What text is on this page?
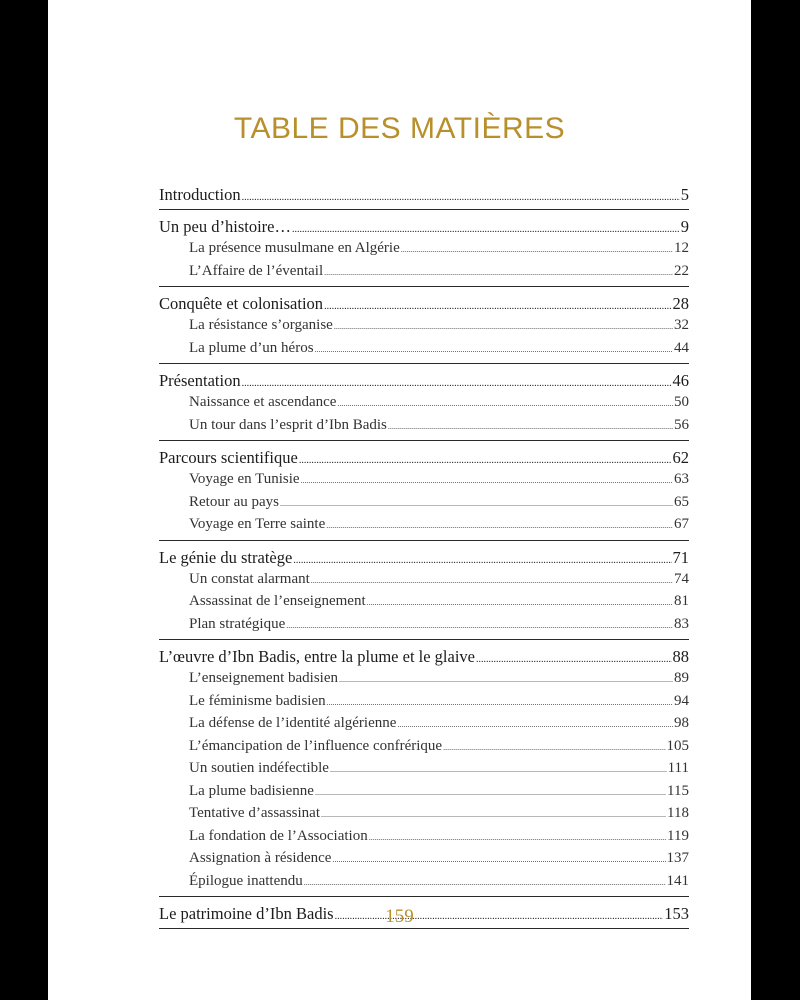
TABLE DES MATIÈRES
Introduction .....	5
Un peu d’histoire… .....	9
La présence musulmane en Algérie .....	12
L’Affaire de l’éventail .....	22
Conquête et colonisation .....	28
La résistance s’organise .....	32
La plume d’un héros .....	44
Présentation .....	46
Naissance et ascendance .....	50
Un tour dans l’esprit d’Ibn Badis .....	56
Parcours scientifique .....	62
Voyage en Tunisie .....	63
Retour au pays .....	65
Voyage en Terre sainte .....	67
Le génie du stratège .....	71
Un constat alarmant .....	74
Assassinat de l’enseignement .....	81
Plan stratégique .....	83
L’œuvre d’Ibn Badis, entre la plume et le glaive .....	88
L’enseignement badisien .....	89
Le féminisme badisien .....	94
La défense de l’identité algérienne .....	98
L’émancipation de l’influence confrérique .....	105
Un soutien indéfectible .....	111
La plume badisienne .....	115
Tentative d’assassinat .....	118
La fondation de l’Association .....	119
Assignation à résidence .....	137
Épilogue inattendu .....	141
Le patrimoine d’Ibn Badis .....	153
159
